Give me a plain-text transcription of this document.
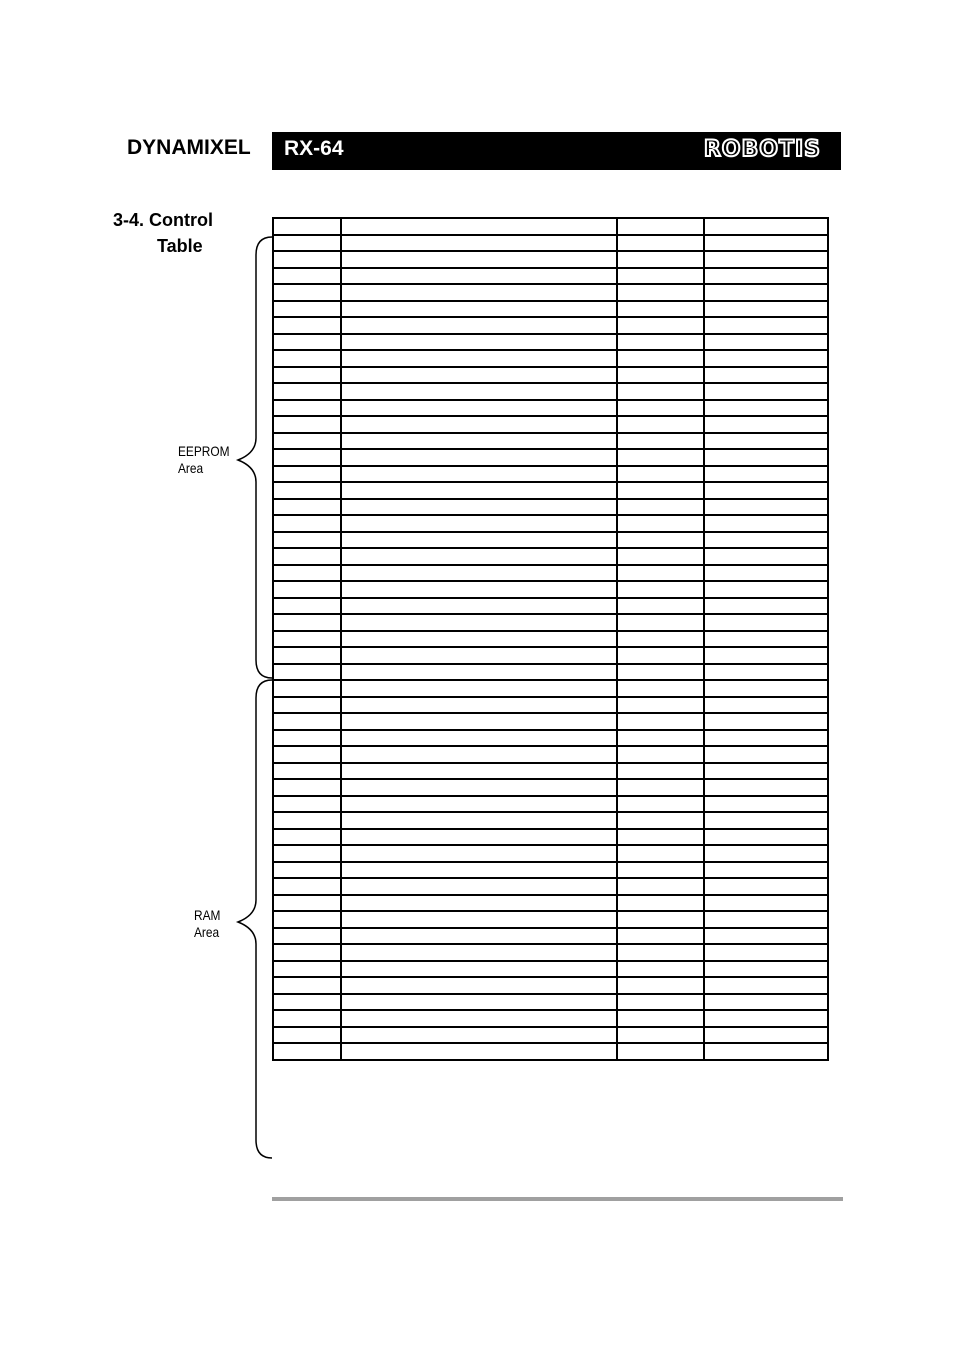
DYNAMIXEL RX-64	ROBOTIS
3-4. Control
Table
EEPROM
Area
RAM
Area
